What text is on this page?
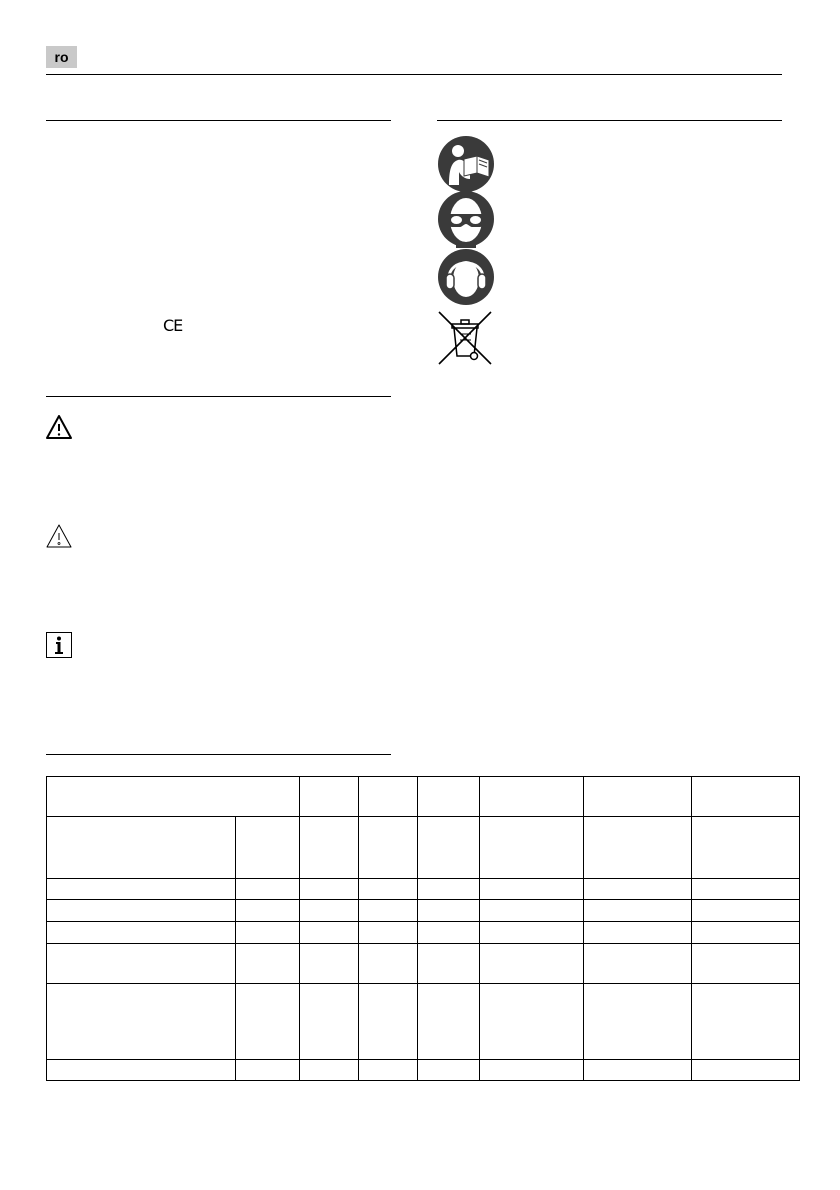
ro
CE
